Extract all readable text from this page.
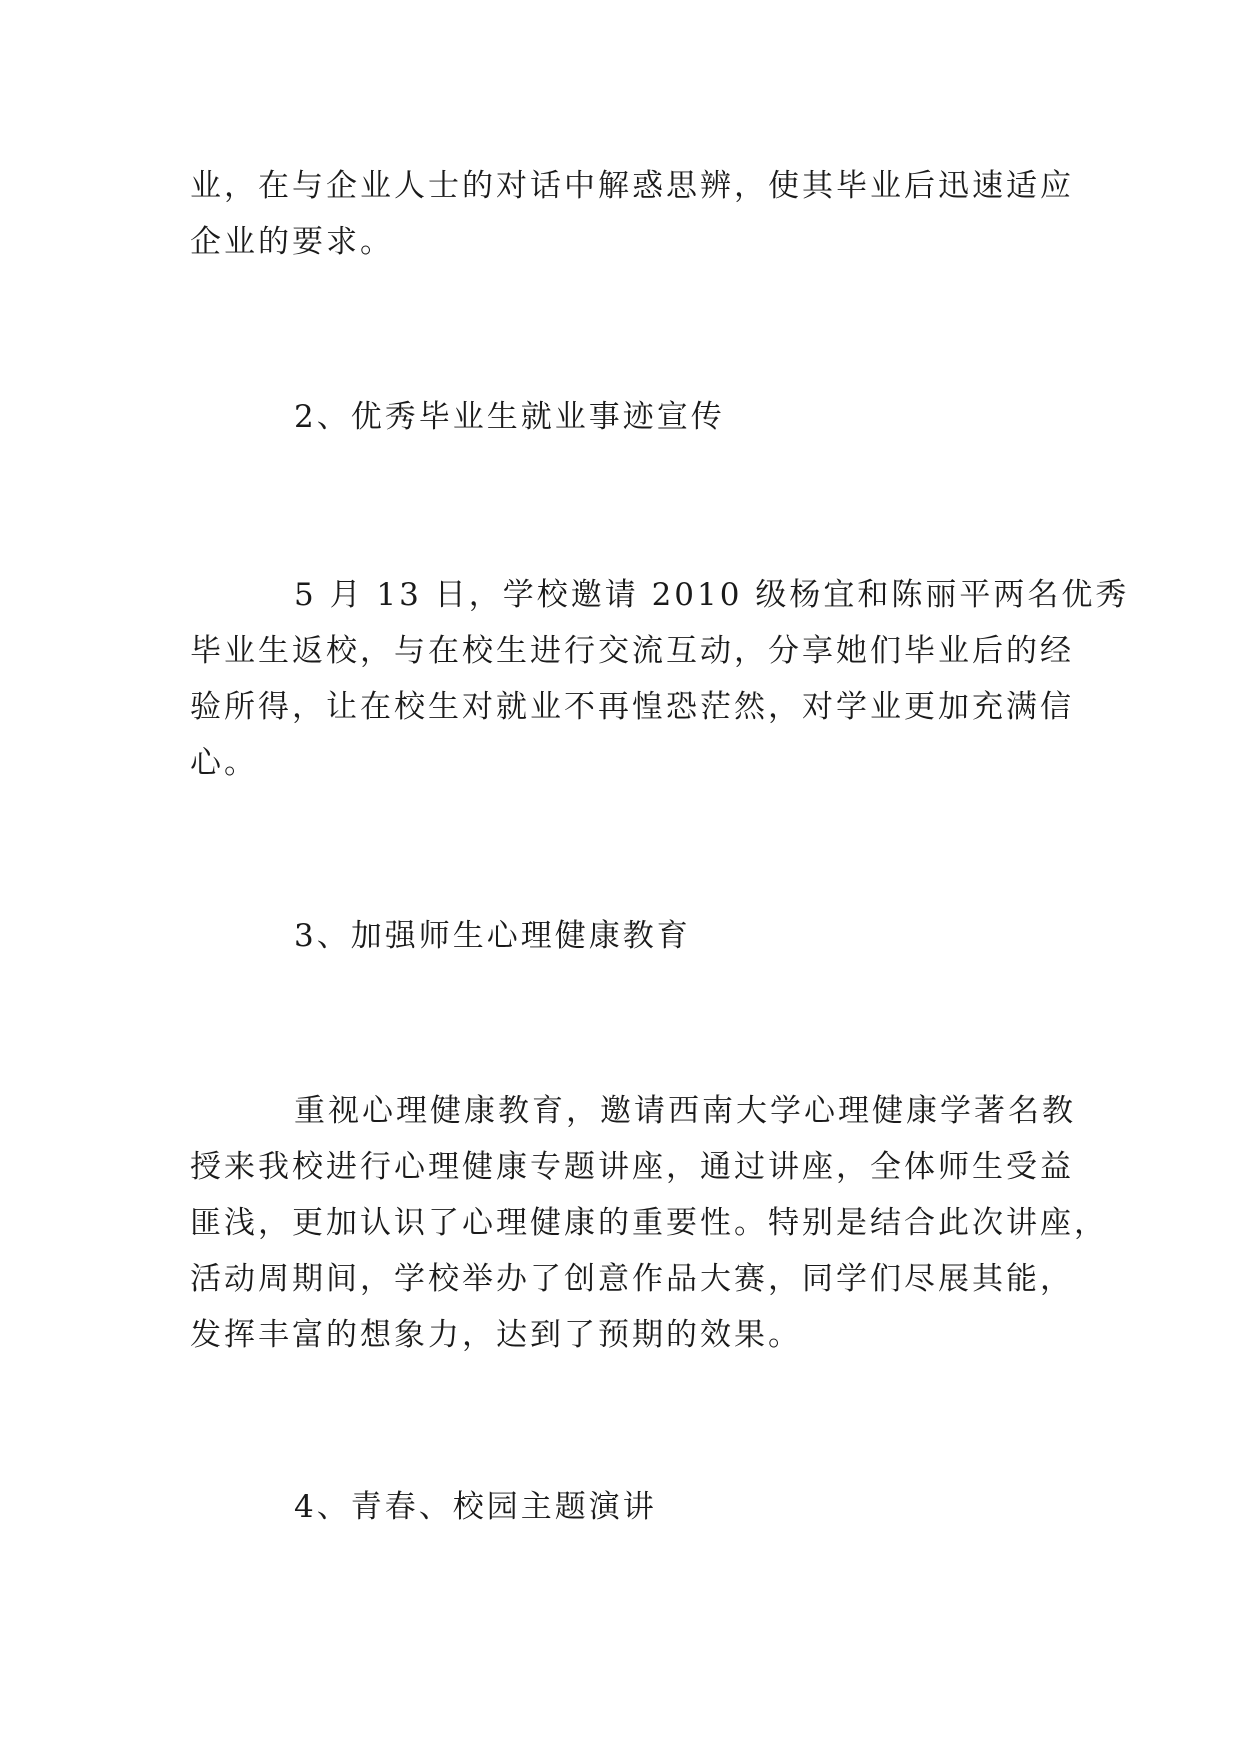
业，在与企业人士的对话中解惑思辨，使其毕业后迅速适应
企业的要求。

2、优秀毕业生就业事迹宣传

5 月 13 日，学校邀请 2010 级杨宜和陈丽平两名优秀
毕业生返校，与在校生进行交流互动，分享她们毕业后的经
验所得，让在校生对就业不再惶恐茫然，对学业更加充满信
心。

3、加强师生心理健康教育

重视心理健康教育，邀请西南大学心理健康学著名教
授来我校进行心理健康专题讲座，通过讲座，全体师生受益
匪浅，更加认识了心理健康的重要性。特别是结合此次讲座，
活动周期间，学校举办了创意作品大赛，同学们尽展其能，
发挥丰富的想象力，达到了预期的效果。

4、青春、校园主题演讲
